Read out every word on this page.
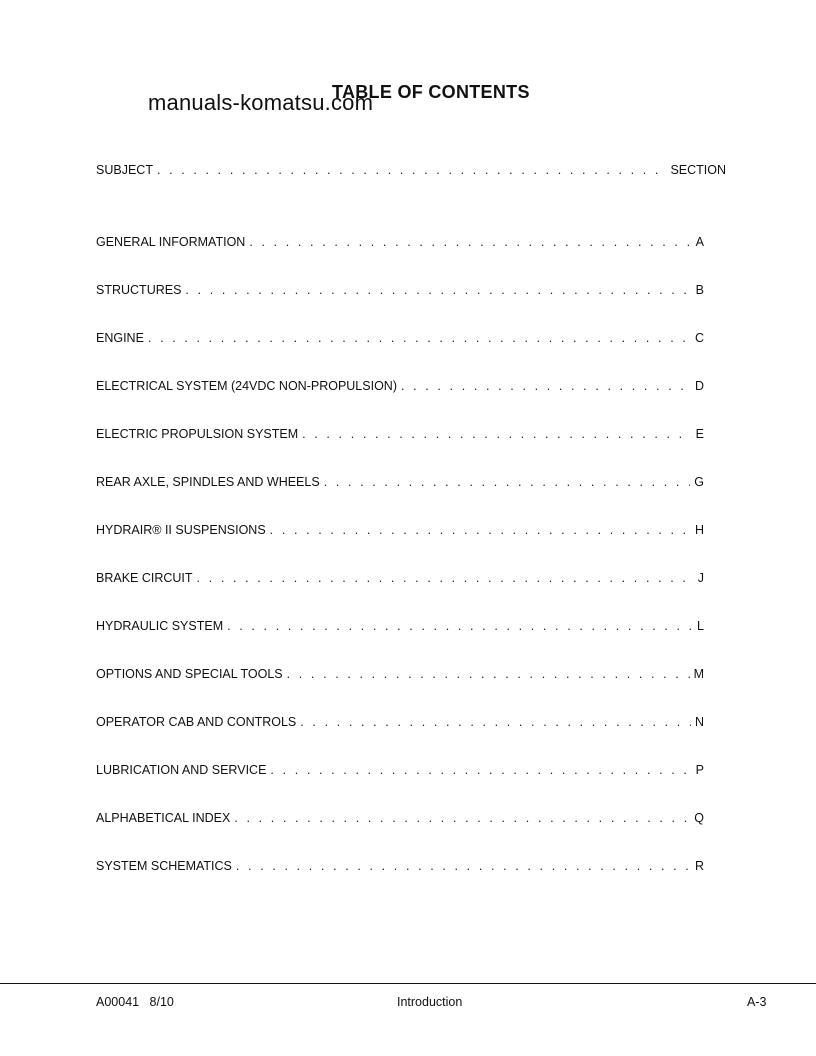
manuals-komatsu.com
TABLE OF CONTENTS
SUBJECT . . .	SECTION
GENERAL INFORMATION . . .	A
STRUCTURES . . .	B
ENGINE . . .	C
ELECTRICAL SYSTEM (24VDC NON-PROPULSION) . . .	D
ELECTRIC PROPULSION SYSTEM . . .	E
REAR AXLE, SPINDLES AND WHEELS . . .	G
HYDRAIR® II SUSPENSIONS . . .	H
BRAKE CIRCUIT . . .	J
HYDRAULIC SYSTEM . . .	L
OPTIONS AND SPECIAL TOOLS . . .	M
OPERATOR CAB AND CONTROLS . . .	N
LUBRICATION AND SERVICE . . .	P
ALPHABETICAL INDEX . . .	Q
SYSTEM SCHEMATICS . . .	R
A00041   8/10	Introduction	A-3
